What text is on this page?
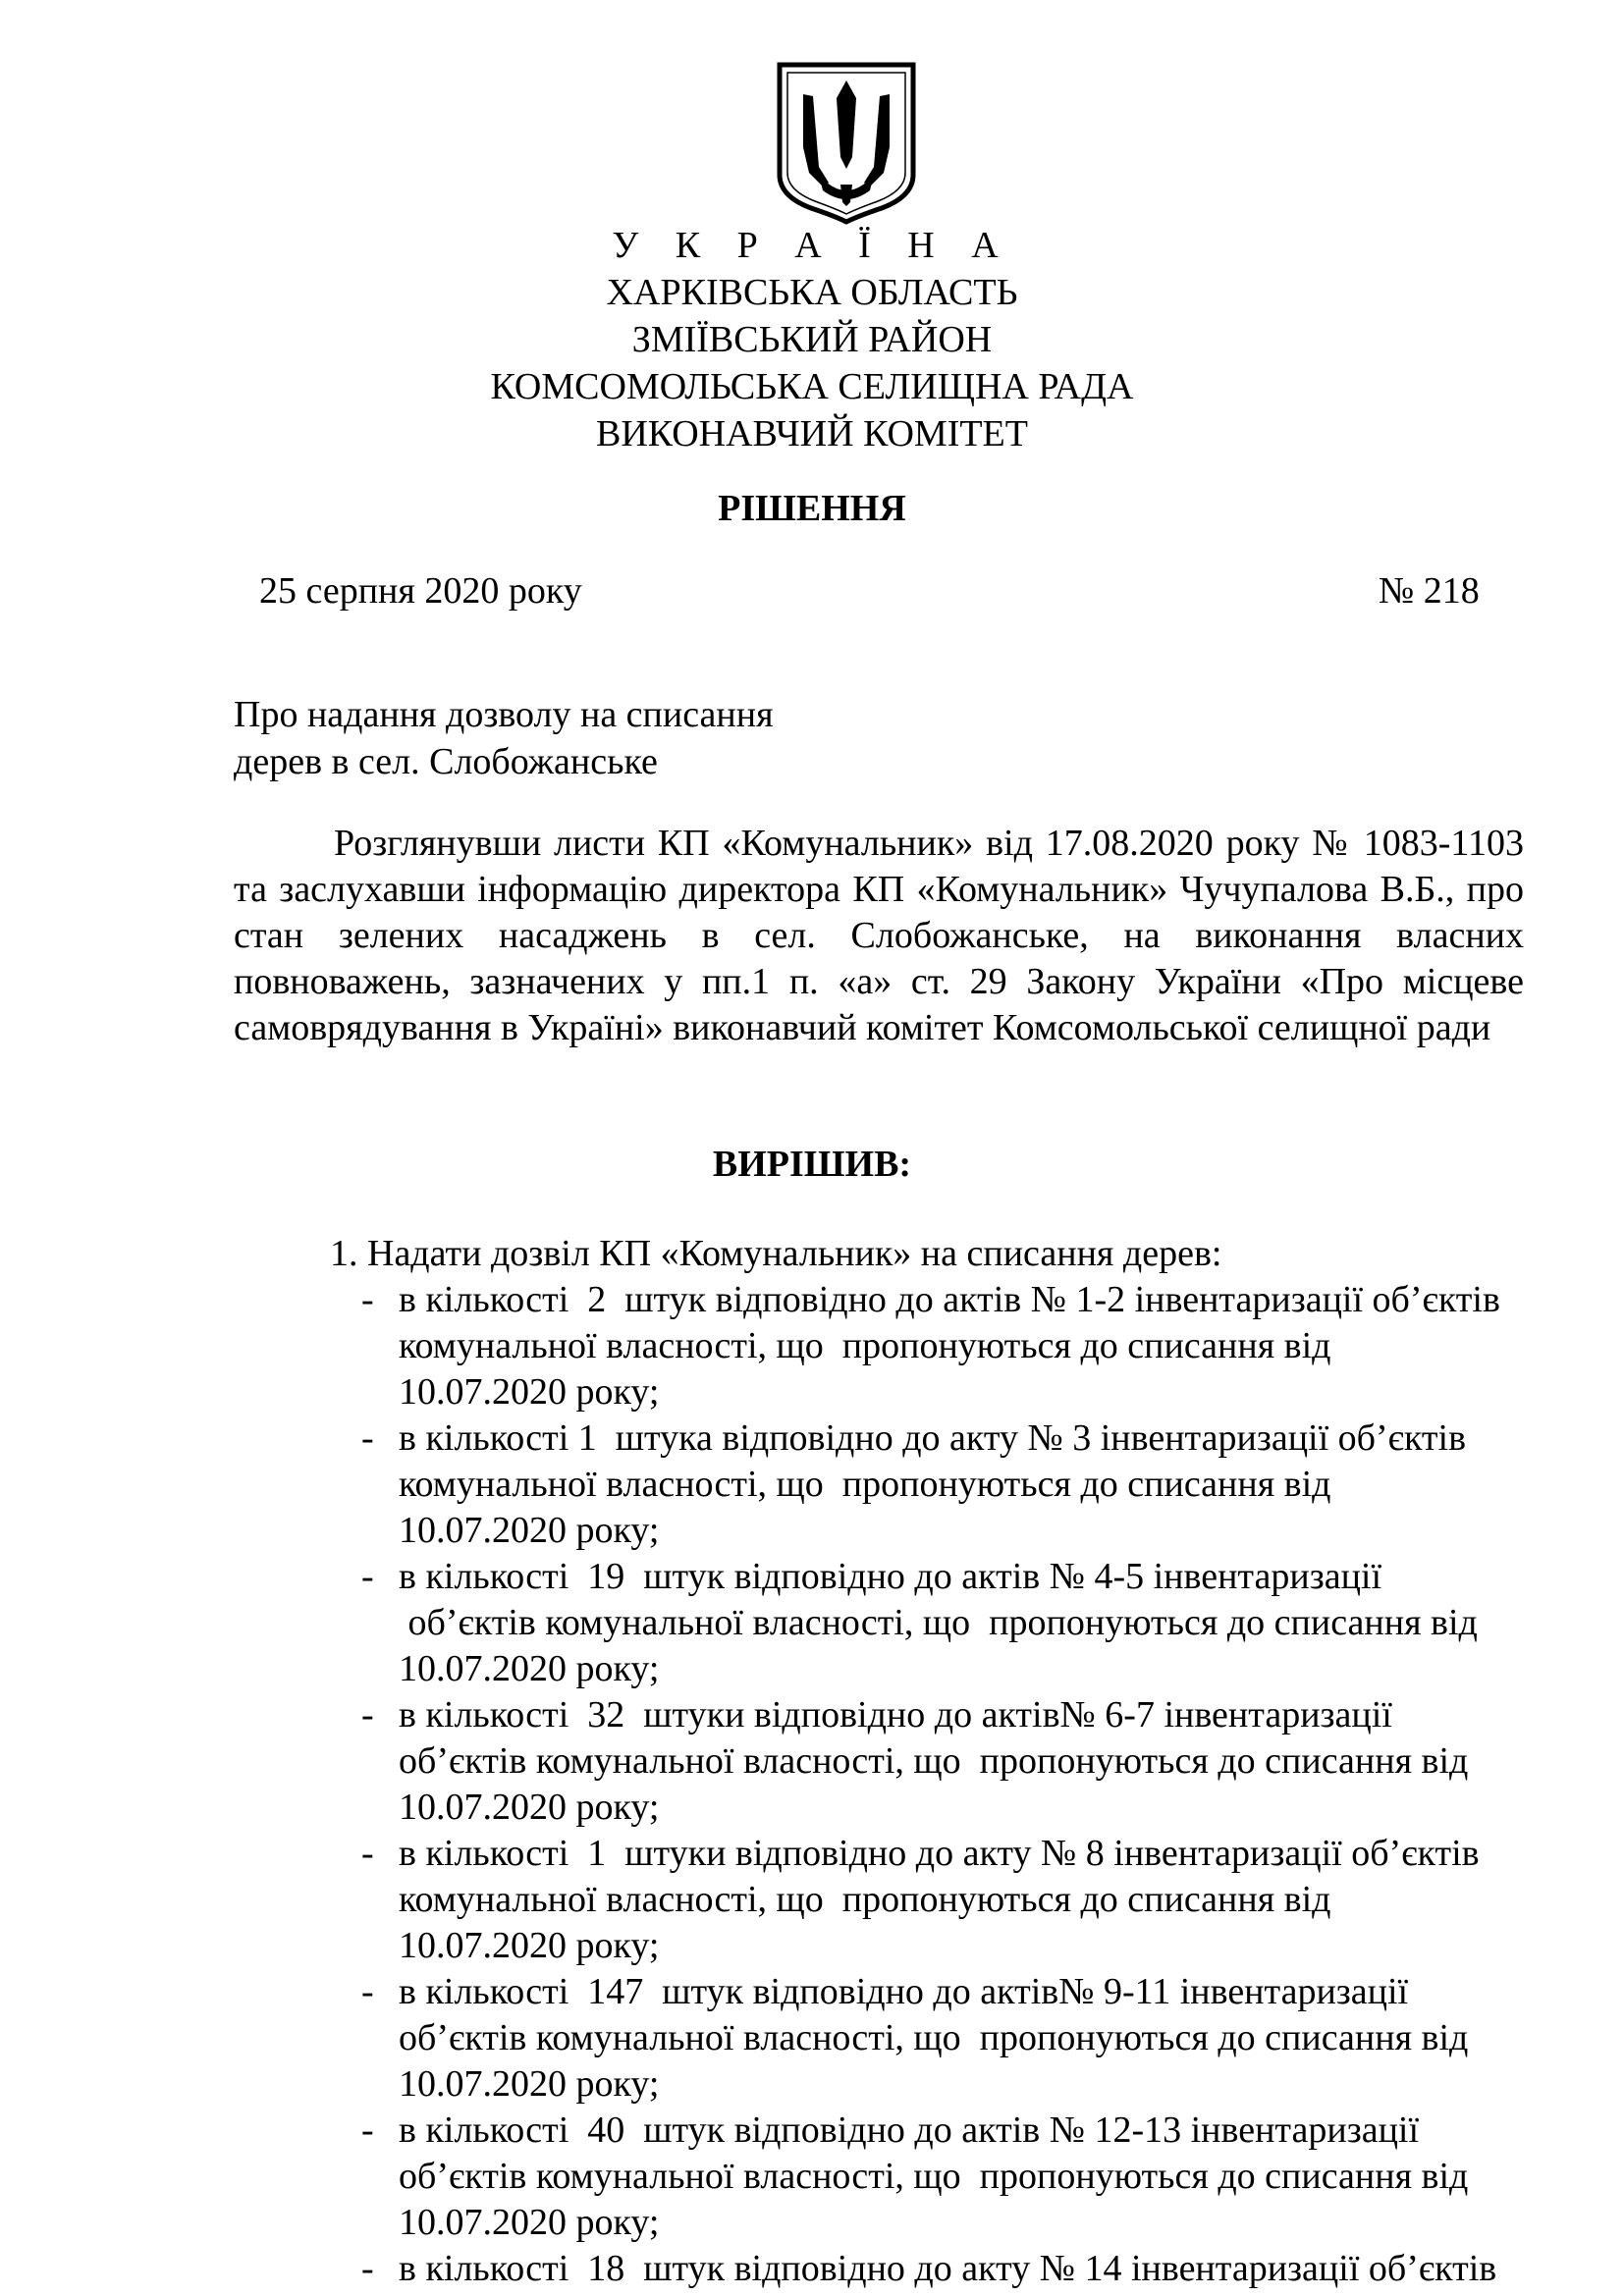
У К Р А Ї Н А
ХАРКІВСЬКА ОБЛАСТЬ
ЗМІЇВСЬКИЙ РАЙОН
КОМСОМОЛЬСЬКА СЕЛИЩНА РАДА
ВИКОНАВЧИЙ КОМІТЕТ
РІШЕННЯ
25 серпня 2020 року	№ 218
Про надання дозволу на списання
дерев в сел. Слобожанське
Розглянувши листи КП «Комунальник» від 17.08.2020 року № 1083-1103 та заслухавши інформацію директора КП «Комунальник» Чучупалова В.Б., про стан зелених насаджень в сел. Слобожанське, на виконання власних повноважень, зазначених у пп.1 п. «а» ст. 29 Закону України «Про місцеве самоврядування в Україні» виконавчий комітет Комсомольської селищної ради
ВИРІШИВ:
1. Надати дозвіл КП «Комунальник» на списання дерев:
- в кількості  2  штук відповідно до актів № 1-2 інвентаризації об’єктів
комунальної власності, що  пропонуються до списання від
10.07.2020 року;
- в кількості 1  штука відповідно до акту № 3 інвентаризації об’єктів
комунальної власності, що  пропонуються до списання від
10.07.2020 року;
- в кількості  19  штук відповідно до актів № 4-5 інвентаризації
об’єктів комунальної власності, що  пропонуються до списання від
10.07.2020 року;
- в кількості  32  штуки відповідно до актів№ 6-7 інвентаризації
об’єктів комунальної власності, що  пропонуються до списання від
10.07.2020 року;
- в кількості  1  штуки відповідно до акту № 8 інвентаризації об’єктів
комунальної власності, що  пропонуються до списання від
10.07.2020 року;
- в кількості  147  штук відповідно до актів№ 9-11 інвентаризації
об’єктів комунальної власності, що  пропонуються до списання від
10.07.2020 року;
- в кількості  40  штук відповідно до актів № 12-13 інвентаризації
об’єктів комунальної власності, що  пропонуються до списання від
10.07.2020 року;
- в кількості  18  штук відповідно до акту № 14 інвентаризації об’єктів
